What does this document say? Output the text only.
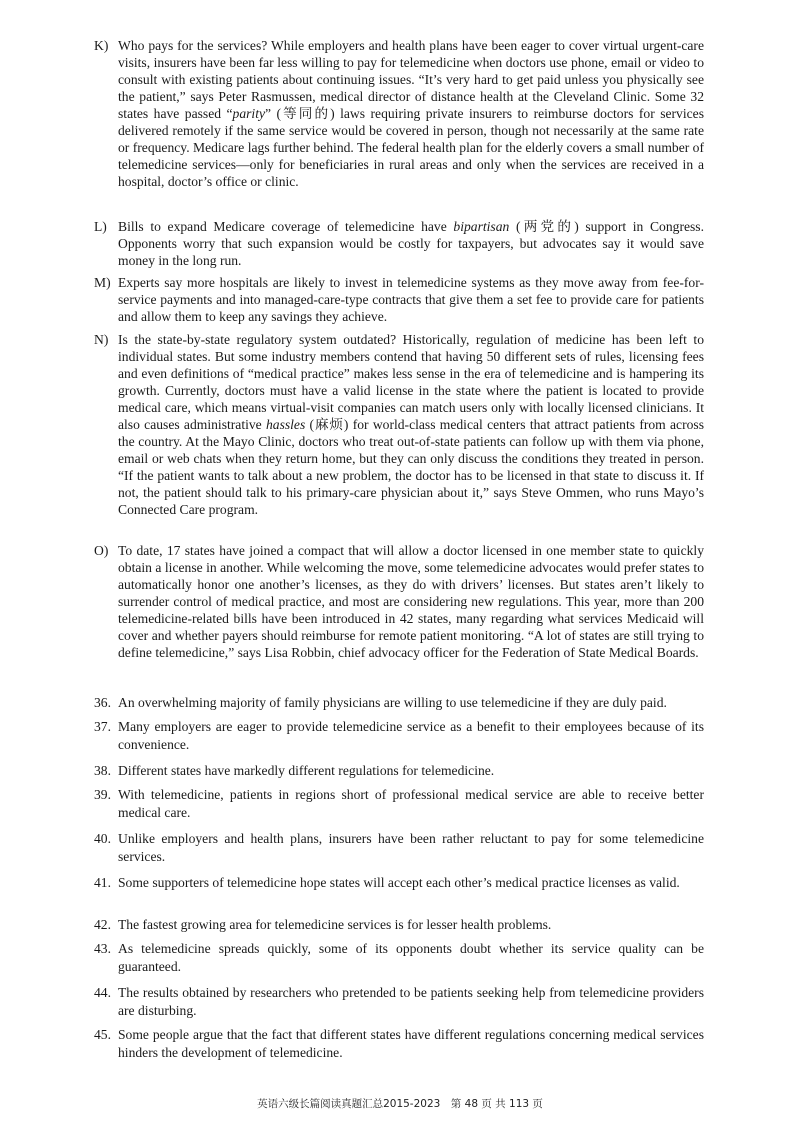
K) Who pays for the services? While employers and health plans have been eager to cover virtual urgent-care visits, insurers have been far less willing to pay for telemedicine when doctors use phone, email or video to consult with existing patients about continuing issues. “It’s very hard to get paid unless you physically see the patient,” says Peter Rasmussen, medical director of distance health at the Cleveland Clinic. Some 32 states have passed “parity” (等同的) laws requiring private insurers to reimburse doctors for services delivered remotely if the same service would be covered in person, though not necessarily at the same rate or frequency. Medicare lags further behind. The federal health plan for the elderly covers a small number of telemedicine services—only for beneficiaries in rural areas and only when the services are received in a hospital, doctor’s office or clinic.
L) Bills to expand Medicare coverage of telemedicine have bipartisan (两党的) support in Congress. Opponents worry that such expansion would be costly for taxpayers, but advocates say it would save money in the long run.
M) Experts say more hospitals are likely to invest in telemedicine systems as they move away from fee-for-service payments and into managed-care-type contracts that give them a set fee to provide care for patients and allow them to keep any savings they achieve.
N) Is the state-by-state regulatory system outdated? Historically, regulation of medicine has been left to individual states. But some industry members contend that having 50 different sets of rules, licensing fees and even definitions of “medical practice” makes less sense in the era of telemedicine and is hampering its growth. Currently, doctors must have a valid license in the state where the patient is located to provide medical care, which means virtual-visit companies can match users only with locally licensed clinicians. It also causes administrative hassles (麻烦) for world-class medical centers that attract patients from across the country. At the Mayo Clinic, doctors who treat out-of-state patients can follow up with them via phone, email or web chats when they return home, but they can only discuss the conditions they treated in person. “If the patient wants to talk about a new problem, the doctor has to be licensed in that state to discuss it. If not, the patient should talk to his primary-care physician about it,” says Steve Ommen, who runs Mayo’s Connected Care program.
O) To date, 17 states have joined a compact that will allow a doctor licensed in one member state to quickly obtain a license in another. While welcoming the move, some telemedicine advocates would prefer states to automatically honor one another’s licenses, as they do with drivers’ licenses. But states aren’t likely to surrender control of medical practice, and most are considering new regulations. This year, more than 200 telemedicine-related bills have been introduced in 42 states, many regarding what services Medicaid will cover and whether payers should reimburse for remote patient monitoring. “A lot of states are still trying to define telemedicine,” says Lisa Robbin, chief advocacy officer for the Federation of State Medical Boards.
36. An overwhelming majority of family physicians are willing to use telemedicine if they are duly paid.
37. Many employers are eager to provide telemedicine service as a benefit to their employees because of its convenience.
38. Different states have markedly different regulations for telemedicine.
39. With telemedicine, patients in regions short of professional medical service are able to receive better medical care.
40. Unlike employers and health plans, insurers have been rather reluctant to pay for some telemedicine services.
41. Some supporters of telemedicine hope states will accept each other’s medical practice licenses as valid.
42. The fastest growing area for telemedicine services is for lesser health problems.
43. As telemedicine spreads quickly, some of its opponents doubt whether its service quality can be guaranteed.
44. The results obtained by researchers who pretended to be patients seeking help from telemedicine providers are disturbing.
45. Some people argue that the fact that different states have different regulations concerning medical services hinders the development of telemedicine.
英语六级长篇阅读真题汇总2015-2023　第 48 页 共 113 页
